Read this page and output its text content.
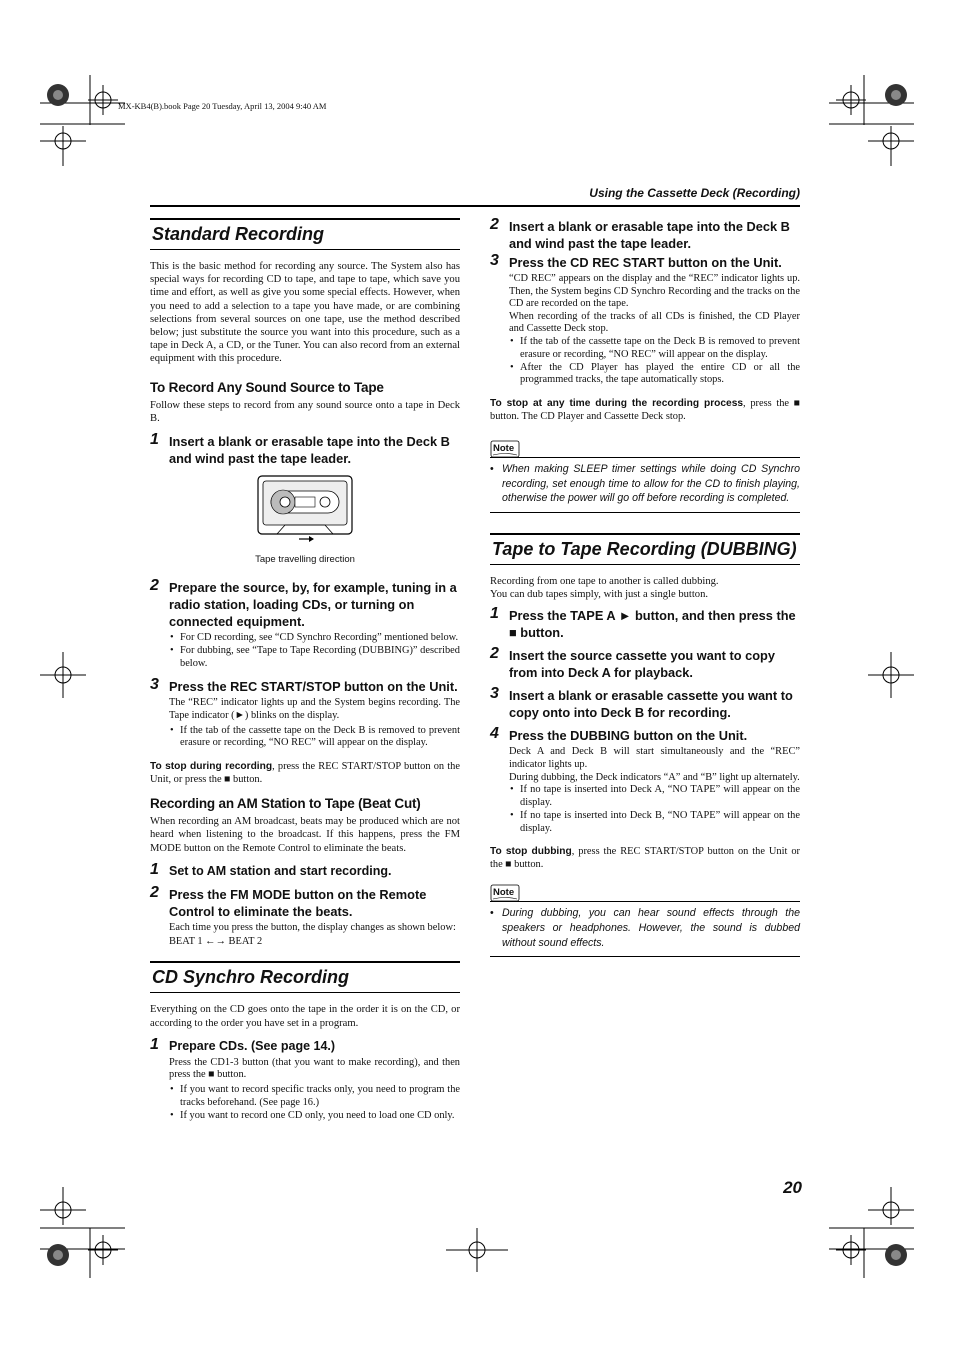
MX-KB4(B).book Page 20 Tuesday, April 13, 2004 9:40 AM
Using the Cassette Deck (Recording)
Standard Recording

This is the basic method for recording any source. The System also has special ways for recording CD to tape, and tape to tape, which save you time and effort, as well as give you some special effects. However, when you need to add a selection to a tape you have made, or are combining selections from several sources on one tape, use the method described below; just substitute the source you want into this procedure, such as a tape in Deck A, a CD, or the Tuner. You can also record from an external equipment with this procedure.

To Record Any Sound Source to Tape

Follow these steps to record from any sound source onto a tape in Deck B.

1 Insert a blank or erasable tape into the Deck B and wind past the tape leader.
Tape travelling direction
2 Prepare the source, by, for example, tuning in a radio station, loading CDs, or turning on connected equipment.

• For CD recording, see “CD Synchro Recording” mentioned below.

• For dubbing, see “Tape to Tape Recording (DUBBING)” described below.

3 Press the REC START/STOP button on the Unit.

The “REC” indicator lights up and the System begins recording. The Tape indicator (►) blinks on the display.

• If the tab of the cassette tape on the Deck B is removed to prevent erasure or recording, “NO REC” will appear on the display.

To stop during recording, press the REC START/STOP button on the Unit, or press the ■ button.

Recording an AM Station to Tape (Beat Cut)

When recording an AM broadcast, beats may be produced which are not heard when listening to the broadcast. If this happens, press the FM MODE button on the Remote Control to eliminate the beats.

1 Set to AM station and start recording.
2 Press the FM MODE button on the Remote Control to eliminate the beats.

Each time you press the button, the display changes as shown below:

BEAT 1 ←→ BEAT 2

CD Synchro Recording

Everything on the CD goes onto the tape in the order it is on the CD, or according to the order you have set in a program.

1 Prepare CDs. (See page 14.)

Press the CD1-3 button (that you want to make recording), and then press the ■ button.

• If you want to record specific tracks only, you need to program the tracks beforehand. (See page 16.)

• If you want to record one CD only, you need to load one CD only.

2 Insert a blank or erasable tape into the Deck B and wind past the tape leader.
3 Press the CD REC START button on the Unit.

“CD REC” appears on the display and the “REC” indicator lights up. Then, the System begins CD Synchro Recording and the tracks on the CD are recorded on the tape.

When recording of the tracks of all CDs is finished, the CD Player and Cassette Deck stop.

• If the tab of the cassette tape on the Deck B is removed to prevent erasure or recording, “NO REC” will appear on the display.

• After the CD Player has played the entire CD or all the programmed tracks, the tape automatically stops.

To stop at any time during the recording process, press the ■ button. The CD Player and Cassette Deck stop.

Note

• When making SLEEP timer settings while doing CD Synchro recording, set enough time to allow for the CD to finish playing, otherwise the power will go off before recording is completed.

Tape to Tape Recording (DUBBING)

Recording from one tape to another is called dubbing.
You can dub tapes simply, with just a single button.

1 Press the TAPE A ► button, and then press the ■ button.
2 Insert the source cassette you want to copy from into Deck A for playback.
3 Insert a blank or erasable cassette you want to copy onto into Deck B for recording.
4 Press the DUBBING button on the Unit.

Deck A and Deck B will start simultaneously and the “REC” indicator lights up.

During dubbing, the Deck indicators “A” and “B” light up alternately.

• If no tape is inserted into Deck A, “NO TAPE” will appear on the display.

• If no tape is inserted into Deck B, “NO TAPE” will appear on the display.

To stop dubbing, press the REC START/STOP button on the Unit or the ■ button.

Note

• During dubbing, you can hear sound effects through the speakers or headphones. However, the sound is dubbed without sound effects.

20
